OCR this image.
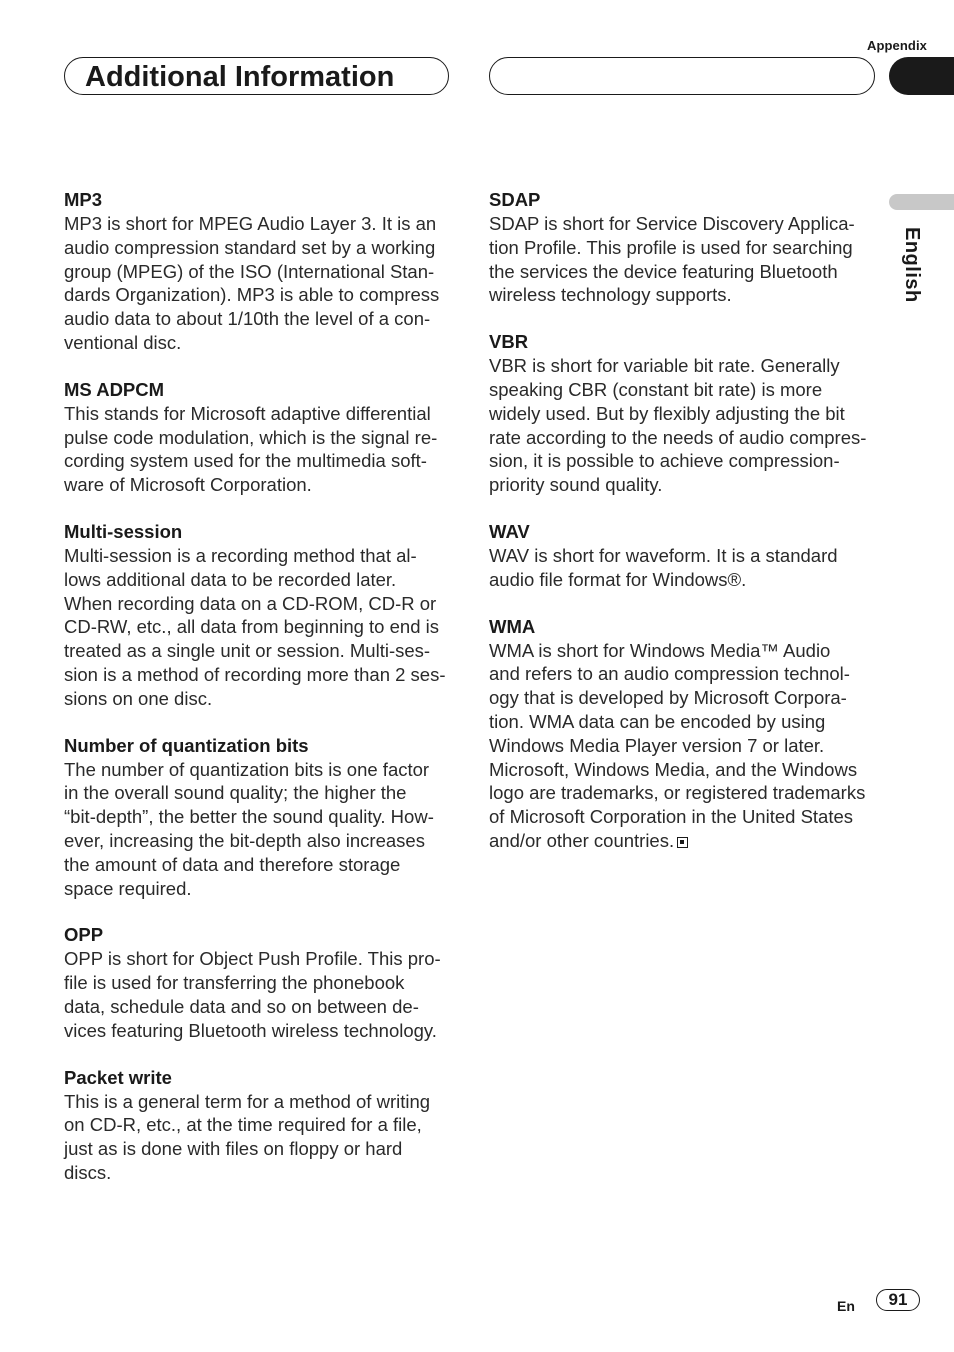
Appendix
Additional Information
English
MP3

MP3 is short for MPEG Audio Layer 3. It is an
audio compression standard set by a working
group (MPEG) of the ISO (International Stan-
dards Organization). MP3 is able to compress
audio data to about 1/10th the level of a con-
ventional disc.

MS ADPCM

This stands for Microsoft adaptive differential
pulse code modulation, which is the signal re-
cording system used for the multimedia soft-
ware of Microsoft Corporation.

Multi-session

Multi-session is a recording method that al-
lows additional data to be recorded later.
When recording data on a CD-ROM, CD-R or
CD-RW, etc., all data from beginning to end is
treated as a single unit or session. Multi-ses-
sion is a method of recording more than 2 ses-
sions on one disc.

Number of quantization bits

The number of quantization bits is one factor
in the overall sound quality; the higher the
“bit-depth”, the better the sound quality. How-
ever, increasing the bit-depth also increases
the amount of data and therefore storage
space required.

OPP

OPP is short for Object Push Profile. This pro-
file is used for transferring the phonebook
data, schedule data and so on between de-
vices featuring Bluetooth wireless technology.

Packet write

This is a general term for a method of writing
on CD-R, etc., at the time required for a file,
just as is done with files on floppy or hard
discs.

SDAP

SDAP is short for Service Discovery Applica-
tion Profile. This profile is used for searching
the services the device featuring Bluetooth
wireless technology supports.

VBR

VBR is short for variable bit rate. Generally
speaking CBR (constant bit rate) is more
widely used. But by flexibly adjusting the bit
rate according to the needs of audio compres-
sion, it is possible to achieve compression-
priority sound quality.

WAV

WAV is short for waveform. It is a standard
audio file format for Windows®.

WMA

WMA is short for Windows Media™ Audio
and refers to an audio compression technol-
ogy that is developed by Microsoft Corpora-
tion. WMA data can be encoded by using
Windows Media Player version 7 or later.
Microsoft, Windows Media, and the Windows
logo are trademarks, or registered trademarks
of Microsoft Corporation in the United States
and/or other countries.

En	91
